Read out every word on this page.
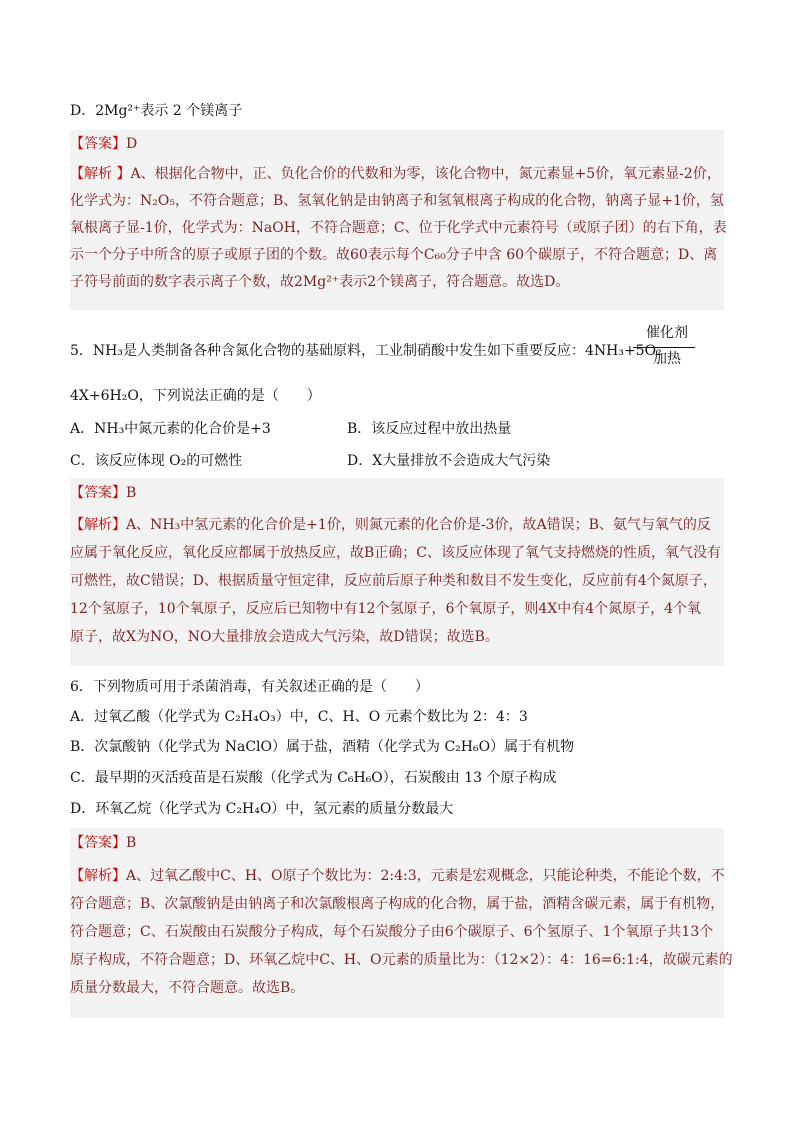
D．2Mg²⁺表示 2 个镁离子
【答案】D
【解析 】A、根据化合物中，正、负化合价的代数和为零，该化合物中，氮元素显+5价，氧元素显-2价，
化学式为：N₂O₅，不符合题意；B、氢氧化钠是由钠离子和氢氧根离子构成的化合物，钠离子显+1价，氢
氧根离子显-1价，化学式为：NaOH，不符合题意；C、位于化学式中元素符号（或原子团）的右下角，表
示一个分子中所含的原子或原子团的个数。故60表示每个C₆₀分子中含 60个碳原子，不符合题意；D、离
子符号前面的数字表示离子个数，故2Mg²⁺表示2个镁离子，符合题意。故选D。
5．NH₃是人类制备各种含氮化合物的基础原料，工业制硝酸中发生如下重要反应：4NH₃+5O₂
催化剂
加热
4X+6H₂O，下列说法正确的是（　　）
A．NH₃中氮元素的化合价是+3	B．该反应过程中放出热量
C．该反应体现 O₂的可燃性	D．X大量排放不会造成大气污染
【答案】B
【解析】A、NH₃中氢元素的化合价是+1价，则氮元素的化合价是-3价，故A错误；B、氨气与氧气的反
应属于氧化反应，氧化反应都属于放热反应，故B正确；C、该反应体现了氧气支持燃烧的性质，氧气没有
可燃性，故C错误；D、根据质量守恒定律，反应前后原子种类和数目不发生变化，反应前有4个氮原子，
12个氢原子，10个氧原子，反应后已知物中有12个氢原子，6个氧原子，则4X中有4个氮原子，4个氧
原子，故X为NO，NO大量排放会造成大气污染，故D错误；故选B。
6．下列物质可用于杀菌消毒，有关叙述正确的是（　　）
A．过氧乙酸（化学式为 C₂H₄O₃）中，C、H、O 元素个数比为 2：4：3
B．次氯酸钠（化学式为 NaClO）属于盐，酒精（化学式为 C₂H₆O）属于有机物
C．最早期的灭活疫苗是石炭酸（化学式为 C₆H₆O），石炭酸由 13 个原子构成
D．环氧乙烷（化学式为 C₂H₄O）中，氢元素的质量分数最大
【答案】B
【解析】A、过氧乙酸中C、H、O原子个数比为：2:4:3，元素是宏观概念，只能论种类，不能论个数，不
符合题意；B、次氯酸钠是由钠离子和次氯酸根离子构成的化合物，属于盐，酒精含碳元素，属于有机物，
符合题意；C、石炭酸由石炭酸分子构成，每个石炭酸分子由6个碳原子、6个氢原子、1个氧原子共13个
原子构成，不符合题意；D、环氧乙烷中C、H、O元素的质量比为：（12×2）：4：16=6:1:4，故碳元素的
质量分数最大，不符合题意。故选B。
